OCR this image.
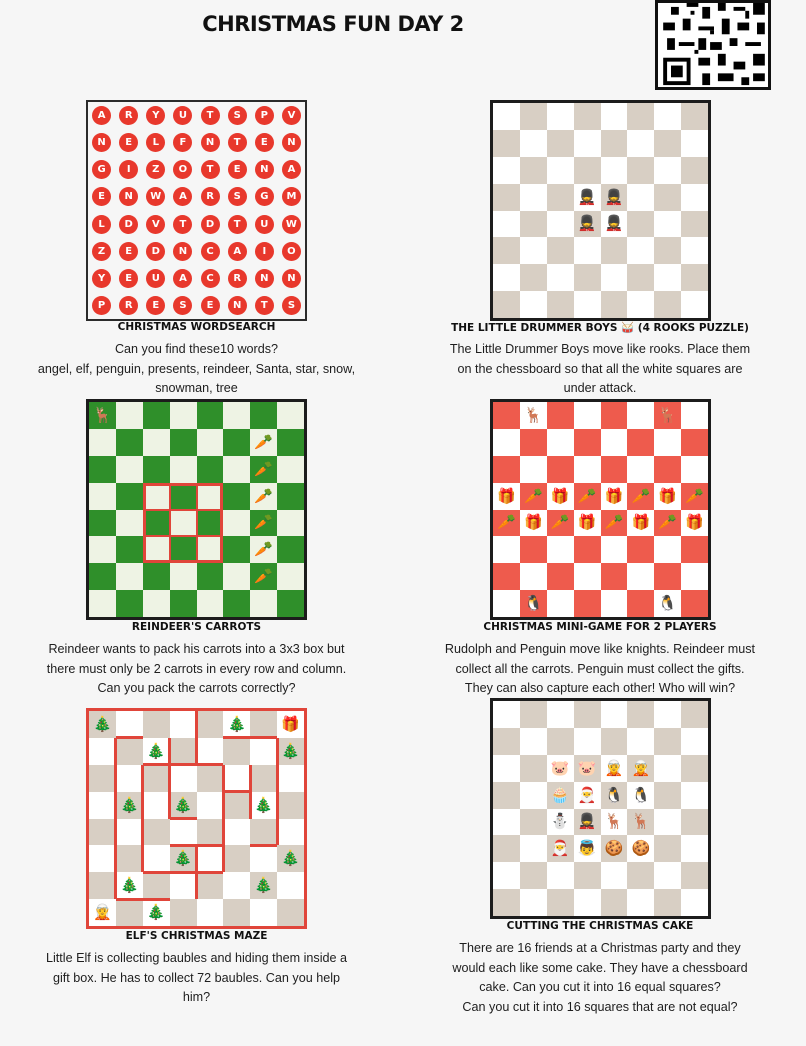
CHRISTMAS FUN DAY 2
A	R	Y	U	T	S	P	V
N	E	L	F	N	T	E	N
G	I	Z	O	T	E	N	A
E	N	W	A	R	S	G	M
L	D	V	T	D	T	U	W
Z	E	D	N	C	A	I	O
Y	E	U	A	C	R	N	N
P	R	E	S	E	N	T	S
CHRISTMAS WORDSEARCH
Can you find these10 words?
angel, elf, penguin, presents, reindeer, Santa, star, snow,
snowman, tree
💂 💂
💂 💂
THE LITTLE DRUMMER BOYS 🥁 (4 ROOKS PUZZLE)
The Little Drummer Boys move like rooks. Place them
on the chessboard so that all the white squares are
under attack.
🦌
🥕
🥕
🥕
🥕
🥕
🥕
REINDEER'S CARROTS
Reindeer wants to pack his carrots into a 3x3 box but
there must only be 2 carrots in every row and column.
Can you pack the carrots correctly?
🦌	🦌
🎁 🥕 🎁 🥕 🎁 🥕 🎁 🥕
🥕 🎁 🥕 🎁 🥕 🎁 🥕 🎁
🐧	🐧
CHRISTMAS MINI-GAME FOR 2 PLAYERS
Rudolph and Penguin move like knights. Reindeer must
collect all the carrots. Penguin must collect the gifts.
They can also capture each other! Who will win?
🎄	🎄 🎁
🎄	🎄
🎄 🎄	🎄
🎄	🎄
🎄	🎄
🧝 🎄
ELF'S CHRISTMAS MAZE
Little Elf is collecting baubles and hiding them inside a
gift box. He has to collect 72 baubles. Can you help
him?
🐷 🐷 🧝 🧝
🧁 🎅 🐧 🐧
⛄ 💂 🦌 🦌
🎅 👼 🍪 🍪
CUTTING THE CHRISTMAS CAKE
There are 16 friends at a Christmas party and they
would each like some cake. They have a chessboard
cake. Can you cut it into 16 equal squares?
Can you cut it into 16 squares that are not equal?
